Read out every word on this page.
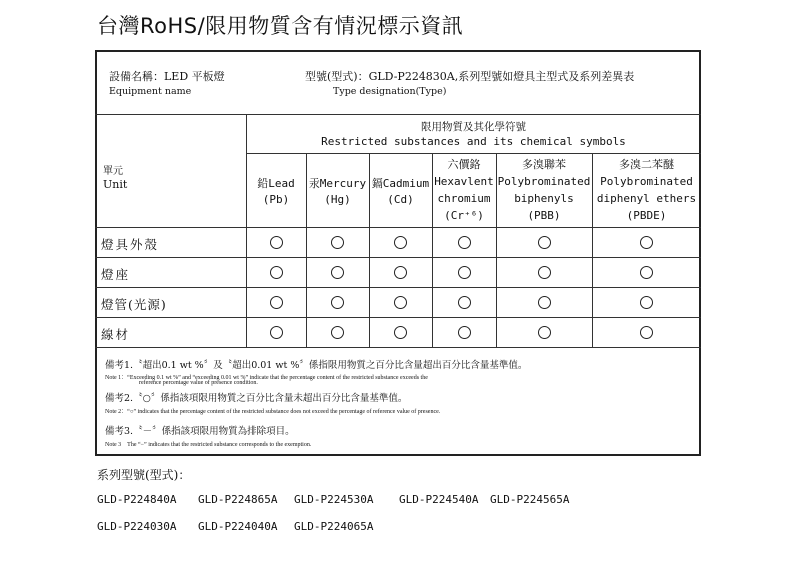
台灣RoHS/限用物質含有情況標示資訊
設備名稱：LED 平板燈
Equipment name
型號(型式)：GLD-P224830A,系列型號如燈具主型式及系列差異表
Type designation(Type)
單元
Unit
限用物質及其化學符號
Restricted substances and its chemical symbols
鉛Lead
(Pb)
汞Mercury
(Hg)
鎘Cadmium
(Cd)
六價鉻
Hexavlent
chromium
(Cr⁺⁶)
多溴聯苯
Polybrominated
biphenyls
(PBB)
多溴二苯醚
Polybrominated
diphenyl ethers
(PBDE)
燈具外殼
燈座
燈管(光源)
線材
備考1.〝超出0.1 wt %〞及〝超出0.01 wt %〞係指限用物質之百分比含量超出百分比含量基準值。
Note 1：“Exceeding 0.1 wt %” and “exceeding 0.01 wt %” indicate that the percentage content of the restricted substance exceeds the
reference percentage value of presence condition.
備考2.〝○〞係指該項限用物質之百分比含量未超出百分比含量基準值。
Note 2：“○” indicates that the percentage content of the restricted substance does not exceed the percentage of reference value of presence.
備考3.〝－〞係指該項限用物質為排除項目。
Note 3　The “−” indicates that the restricted substance corresponds to the exemption.
系列型號(型式)：
GLD-P224840A GLD-P224865A GLD-P224530A GLD-P224540A GLD-P224565A
GLD-P224030A GLD-P224040A GLD-P224065A
